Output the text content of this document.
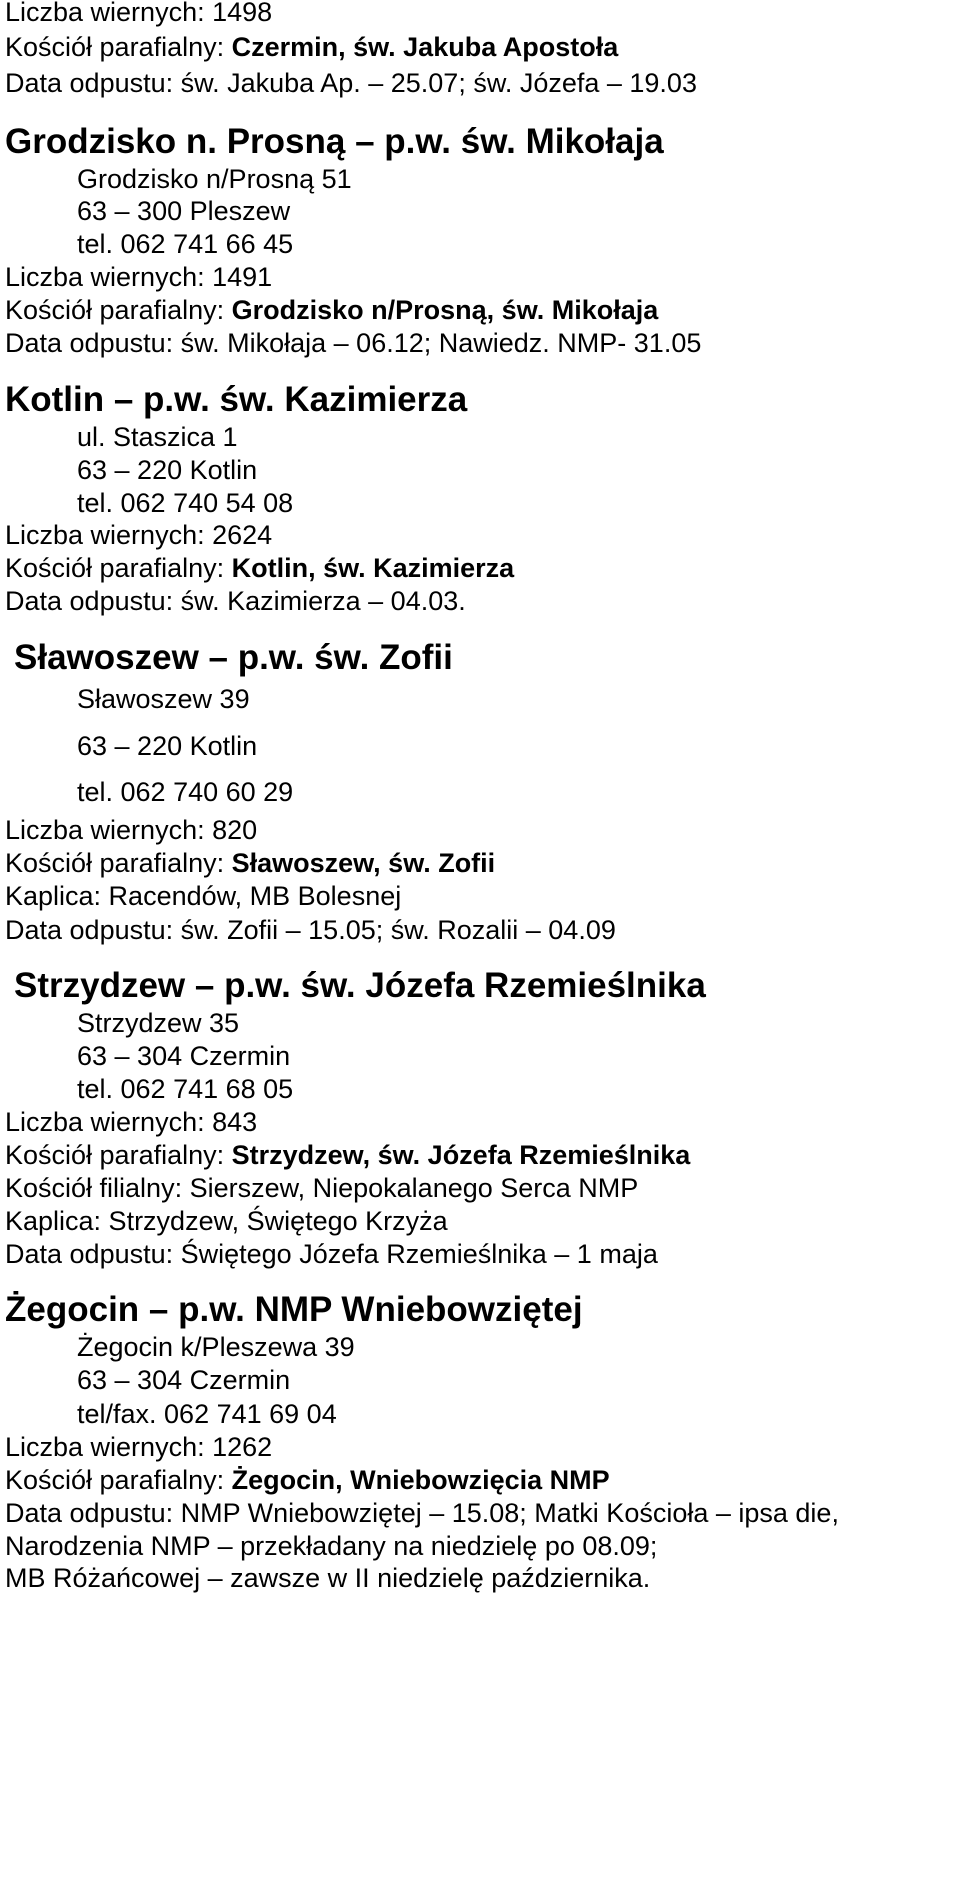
Liczba wiernych: 1498
Kościół parafialny: Czermin, św. Jakuba Apostoła
Data odpustu: św. Jakuba Ap. – 25.07; św. Józefa – 19.03
Grodzisko n. Prosną – p.w. św. Mikołaja
Grodzisko n/Prosną 51
63 – 300 Pleszew
tel. 062 741 66 45
Liczba wiernych: 1491
Kościół parafialny: Grodzisko n/Prosną, św. Mikołaja
Data odpustu: św. Mikołaja – 06.12; Nawiedz. NMP- 31.05
Kotlin – p.w. św. Kazimierza
ul. Staszica 1
63 – 220 Kotlin
tel. 062 740 54 08
Liczba wiernych: 2624
Kościół parafialny: Kotlin, św. Kazimierza
Data odpustu: św. Kazimierza – 04.03.
Sławoszew – p.w. św. Zofii
Sławoszew 39
63 – 220 Kotlin
tel. 062 740 60 29
Liczba wiernych: 820
Kościół parafialny: Sławoszew, św. Zofii
Kaplica: Racendów, MB Bolesnej
Data odpustu: św. Zofii – 15.05; św. Rozalii – 04.09
Strzydzew – p.w. św. Józefa Rzemieślnika
Strzydzew 35
63 – 304 Czermin
tel. 062 741 68 05
Liczba wiernych: 843
Kościół parafialny: Strzydzew, św. Józefa Rzemieślnika
Kościół filialny: Sierszew, Niepokalanego Serca NMP
Kaplica: Strzydzew, Świętego Krzyża
Data odpustu: Świętego Józefa Rzemieślnika – 1 maja
Żegocin – p.w. NMP Wniebowziętej
Żegocin k/Pleszewa 39
63 – 304 Czermin
tel/fax. 062 741 69 04
Liczba wiernych: 1262
Kościół parafialny: Żegocin, Wniebowzięcia NMP
Data odpustu: NMP Wniebowziętej – 15.08; Matki Kościoła – ipsa die,
Narodzenia NMP – przekładany na niedzielę po 08.09;
MB Różańcowej – zawsze w II niedzielę października.
